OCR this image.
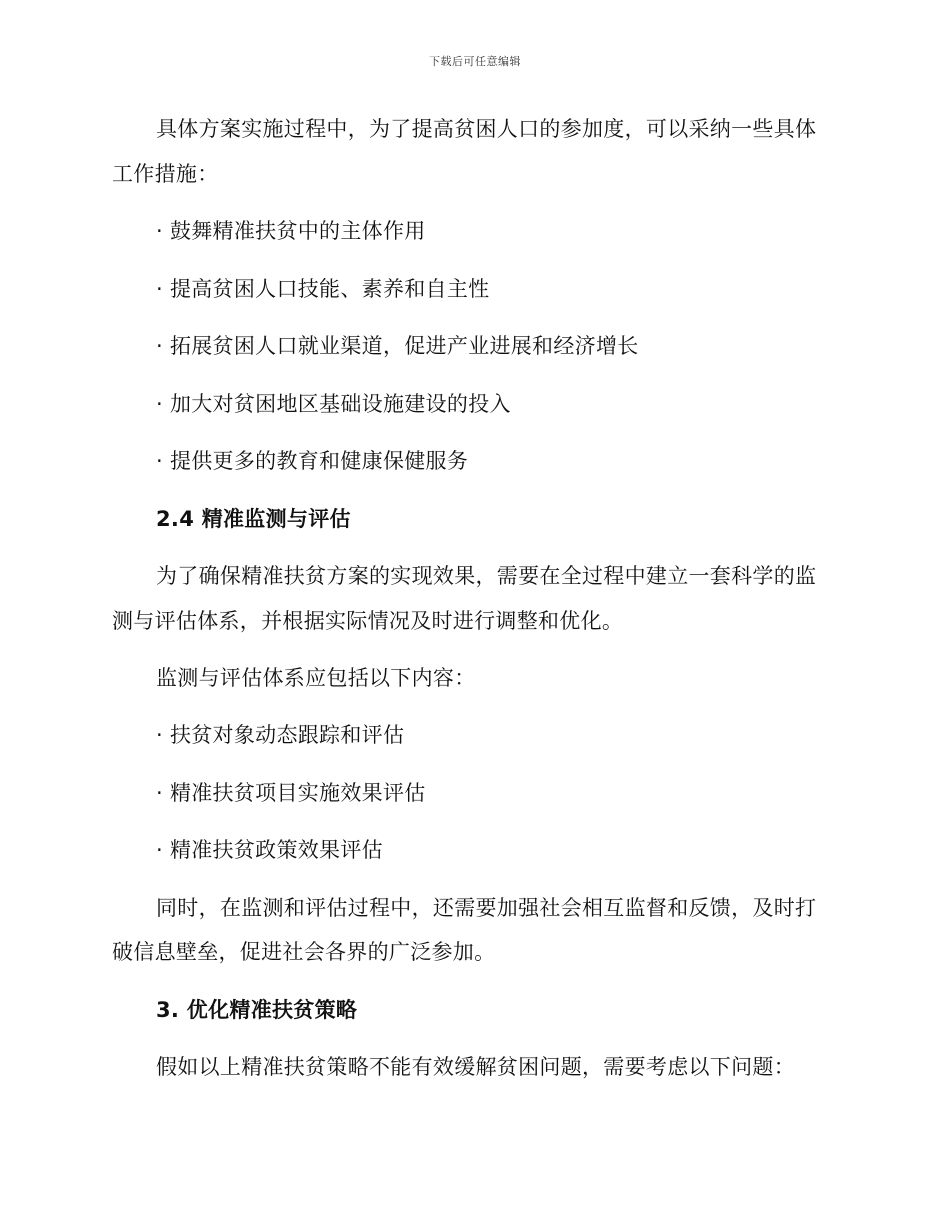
下载后可任意编辑
具体方案实施过程中，为了提高贫困人口的参加度，可以采纳一些具体
工作措施：
· 鼓舞精准扶贫中的主体作用
· 提高贫困人口技能、素养和自主性
· 拓展贫困人口就业渠道，促进产业进展和经济增长
· 加大对贫困地区基础设施建设的投入
· 提供更多的教育和健康保健服务
2.4 精准监测与评估
为了确保精准扶贫方案的实现效果，需要在全过程中建立一套科学的监
测与评估体系，并根据实际情况及时进行调整和优化。
监测与评估体系应包括以下内容：
· 扶贫对象动态跟踪和评估
· 精准扶贫项目实施效果评估
· 精准扶贫政策效果评估
同时，在监测和评估过程中，还需要加强社会相互监督和反馈，及时打
破信息壁垒，促进社会各界的广泛参加。
3. 优化精准扶贫策略
假如以上精准扶贫策略不能有效缓解贫困问题，需要考虑以下问题：
